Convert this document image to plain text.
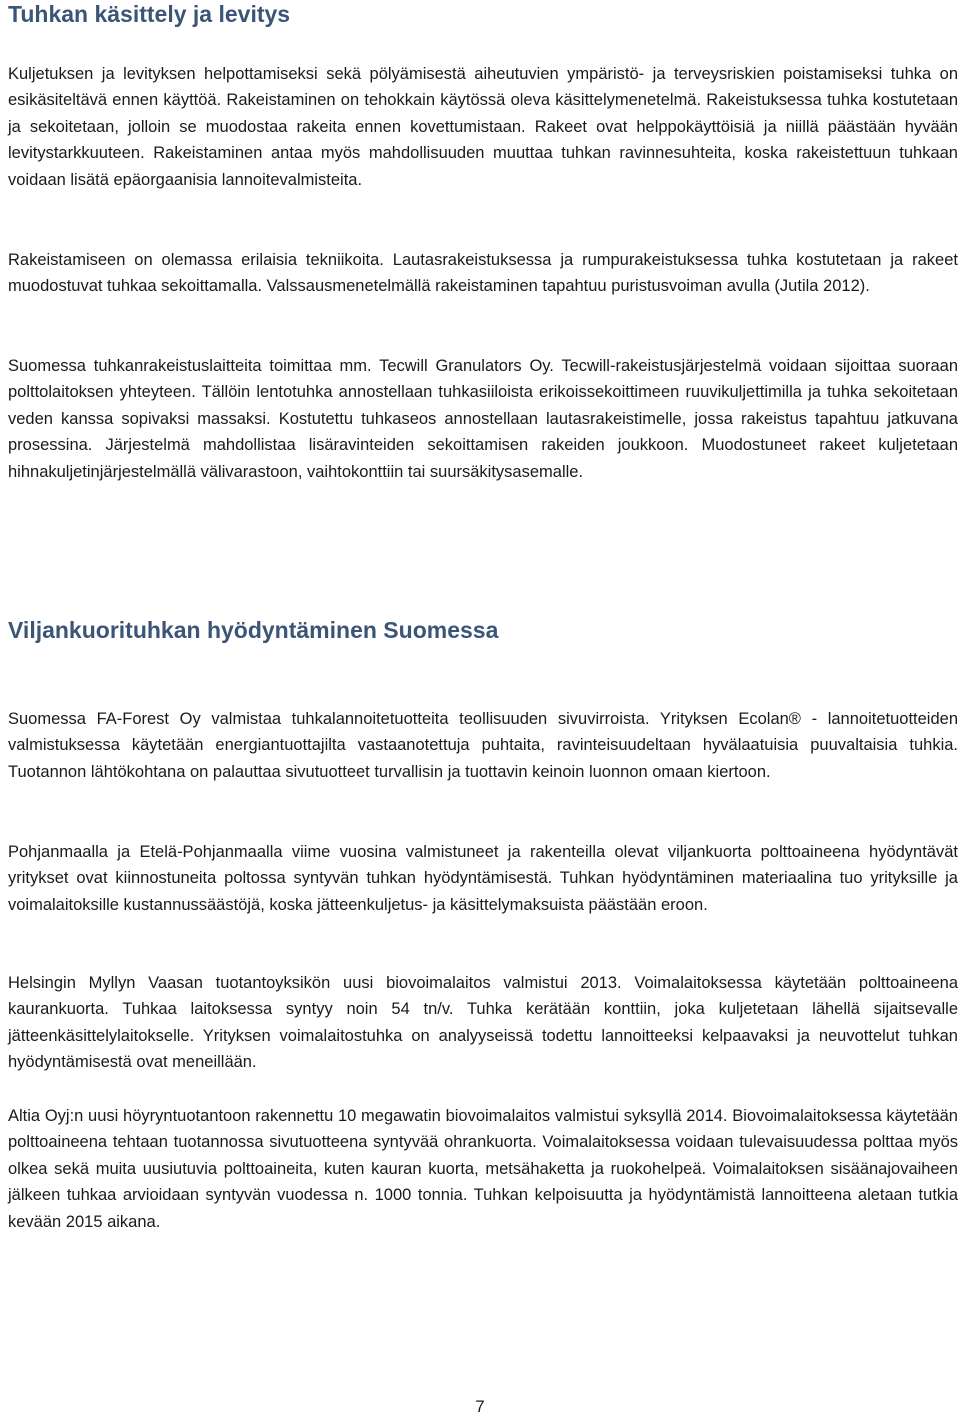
Tuhkan käsittely ja levitys

Kuljetuksen ja levityksen helpottamiseksi sekä pölyämisestä aiheutuvien ympäristö- ja terveysriskien poistamiseksi tuhka on esikäsiteltävä ennen käyttöä. Rakeistaminen on tehokkain käytössä oleva käsittelymenetelmä. Rakeistuksessa tuhka kostutetaan ja sekoitetaan, jolloin se muodostaa rakeita ennen kovettumistaan. Rakeet ovat helppokäyttöisiä ja niillä päästään hyvään levitystarkkuuteen. Rakeistaminen antaa myös mahdollisuuden muuttaa tuhkan ravinnesuhteita, koska rakeistettuun tuhkaan voidaan lisätä epäorgaanisia lannoitevalmisteita.

Rakeistamiseen on olemassa erilaisia tekniikoita. Lautasrakeistuksessa ja rumpurakeistuksessa tuhka kostutetaan ja rakeet muodostuvat tuhkaa sekoittamalla. Valssausmenetelmällä rakeistaminen tapahtuu puristusvoiman avulla (Jutila 2012).

Suomessa tuhkanrakeistuslaitteita toimittaa mm. Tecwill Granulators Oy. Tecwill-rakeistusjärjestelmä voidaan sijoittaa suoraan polttolaitoksen yhteyteen. Tällöin lentotuhka annostellaan tuhkasiiloista erikoissekoittimeen ruuvikuljettimilla ja tuhka sekoitetaan veden kanssa sopivaksi massaksi. Kostutettu tuhkaseos annostellaan lautasrakeistimelle, jossa rakeistus tapahtuu jatkuvana prosessina. Järjestelmä mahdollistaa lisäravinteiden sekoittamisen rakeiden joukkoon. Muodostuneet rakeet kuljetetaan hihnakuljetinjärjestelmällä välivarastoon, vaihtokonttiin tai suursäkitysasemalle.

Viljankuorituhkan hyödyntäminen Suomessa

Suomessa FA-Forest Oy valmistaa tuhkalannoitetuotteita teollisuuden sivuvirroista. Yrityksen Ecolan® - lannoitetuotteiden valmistuksessa käytetään energiantuottajilta vastaanotettuja puhtaita, ravinteisuudeltaan hyvälaatuisia puuvaltaisia tuhkia. Tuotannon lähtökohtana on palauttaa sivutuotteet turvallisin ja tuottavin keinoin luonnon omaan kiertoon.

Pohjanmaalla ja Etelä-Pohjanmaalla viime vuosina valmistuneet ja rakenteilla olevat viljankuorta polttoaineena hyödyntävät yritykset ovat kiinnostuneita poltossa syntyvän tuhkan hyödyntämisestä. Tuhkan hyödyntäminen materiaalina tuo yrityksille ja voimalaitoksille kustannussäästöjä, koska jätteenkuljetus- ja käsittelymaksuista päästään eroon.

Helsingin Myllyn Vaasan tuotantoyksikön uusi biovoimalaitos valmistui 2013. Voimalaitoksessa käytetään polttoaineena kaurankuorta. Tuhkaa laitoksessa syntyy noin 54 tn/v. Tuhka kerätään konttiin, joka kuljetetaan lähellä sijaitsevalle jätteenkäsittelylaitokselle. Yrityksen voimalaitostuhka on analyyseissä todettu lannoitteeksi kelpaavaksi ja neuvottelut tuhkan hyödyntämisestä ovat meneillään.

Altia Oyj:n uusi höyryntuotantoon rakennettu 10 megawatin biovoimalaitos valmistui syksyllä 2014. Biovoimalaitoksessa käytetään polttoaineena tehtaan tuotannossa sivutuotteena syntyvää ohrankuorta. Voimalaitoksessa voidaan tulevaisuudessa polttaa myös olkea sekä muita uusiutuvia polttoaineita, kuten kauran kuorta, metsähaketta ja ruokohelpeä. Voimalaitoksen sisäänajovaiheen jälkeen tuhkaa arvioidaan syntyvän vuodessa n. 1000 tonnia. Tuhkan kelpoisuutta ja hyödyntämistä lannoitteena aletaan tutkia kevään 2015 aikana.

7
